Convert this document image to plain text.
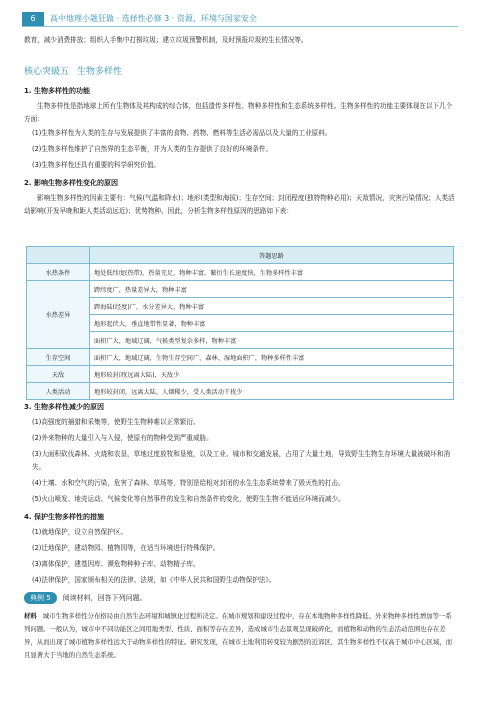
6	高中地理小题狂做 · 选择性必修 3 · 资源、环境与国家安全

教育，减少消费排放；组织人手集中打撈垃圾；建立垃圾预警机制，及时预报垃圾的生长情况等。

核心突破五 生物多样性

1. 生物多样性的功能

生物多样性是指地球上所有生物体及其构成的综合体，包括遗传多样性、物种多样性和生态系统多样性。生物多样性的功能主要体现在以下几个方面：

(1)生物多样性为人类的生存与发展提供了丰富的食物、药物、燃料等生活必需品以及大量的工业原料。

(2)生物多样性维护了自然界的生态平衡，并为人类的生存提供了良好的环境条件。

(3)生物多样性还具有重要的科学研究价值。

2. 影响生物多样性变化的原因

影响生物多样性的因素主要有：气候(气温和降水)；地形(类型和海拔)；生存空间；封闭程度(独特物种必用)；天敌情况，灾害污染情况；人类活动影响(开发早晚和距人类活动远近)；优势物种。因此，分析生物多样性原因的思路如下表：

	答题思路
水热条件	地处低纬度(热带)，热量充足，物种丰富，繁衍生长速度快，生物多样性丰富
水热差异	跨纬度广，热量差异大，物种丰富
	跨海陆(经度)广，水分差异大，物种丰富
	地形起伏大，垂直地带性显著，物种丰富
	面积广大，地域辽阔，气候类型复杂多样，物种丰富
生存空间	面积广大，地域辽阔，生物生存空间广，森林、湿地面积广，物种多样性丰富
天敌	地形较封闭(远离大陆)，天敌少
人类活动	地形较封闭，远离大陆，人烟稀少，受人类活动干扰少

3. 生物多样性减少的原因

(1)高强度的捕猎和采集等，使野生生物种难以正常繁衍。

(2)外来物种的大量引入与入侵，使原有的物种受到严重威胁。

(3)大面积砍伐森林、火烧和农垦，草地过度放牧和垦殖，以及工业、城市和交通发展，占用了大量土地，导致野生生物生存环境大量被破坏和消失。

(4)土壤、水和空气的污染，危害了森林、草场等，特别是给相对封闭的水生生态系统带来了毁灭性的打击。

(5)火山喷发、地壳运动、气候变化等自然事件的发生和自然条件的变化，使野生生物不能适应环境而减少。

4. 保护生物多样性的措施

(1)就地保护，设立自然保护区。

(2)迁地保护，建动物园、植物园等，在适当环境进行特殊保护。

(3)离体保护，建基因库、濒危物种种子库、动物精子库。

(4)法律保护，国家颁布相关的法律、法规，如《中华人民共和国野生动物保护法》。

典例 5 阅读材料，回答下列问题。

材料 城市生物多样性分布格局由自然生态环境和城镇化过程所决定。在城市规划和建设过程中，存在本地物种多样性降低、外来物种多样性增加等一系列问题。一般认为，城市中不同功能区之间用地类型、性质、面积等存在差异，造成城市生态景观呈现破碎化，而植物和动物的生态活动范围也存在差异，从而出现了城市植物多样性远大于动物多样性的特征。研究发现，在城市土地利用转变较为剧烈的近郊区，其生物多样性不仅高于城市中心区域，而且显著大于当地的自然生态系统。
